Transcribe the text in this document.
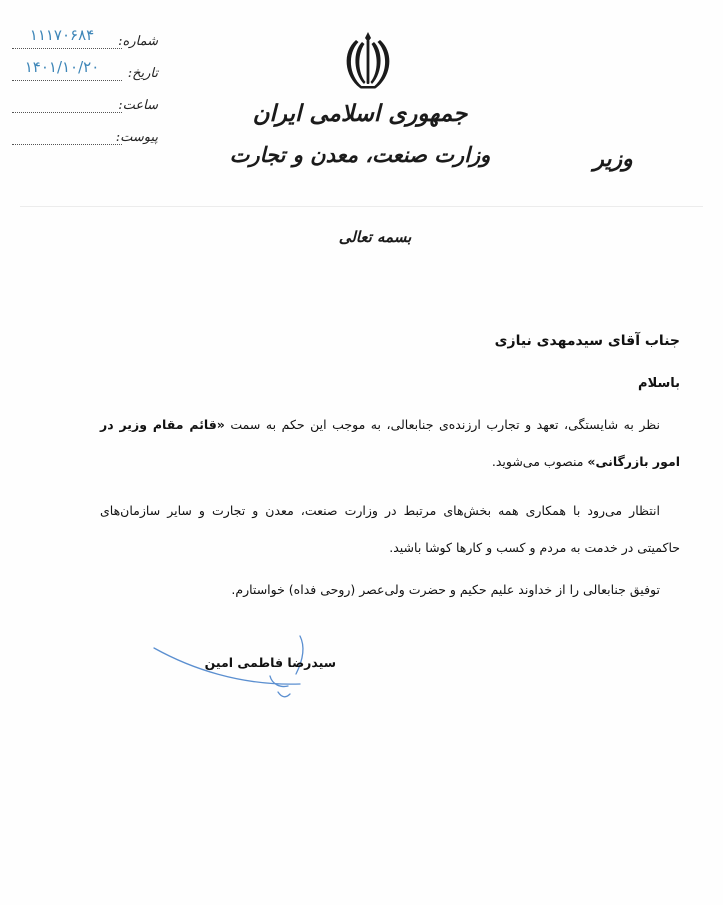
۱۱۱۷۰۶۸۴	شماره:
۱۴۰۱/۱۰/۲۰	تاریخ:
ساعت:
پیوست:
جمهوری اسلامی ایران
وزارت صنعت، معدن و تجارت	وزیر
بسمه تعالی
جناب آقای سیدمهدی نیازی
باسلام
نظر به شایستگی، تعهد و تجارب ارزنده‌ی جنابعالی، به موجب این حکم به سمت «قائم مقام وزیر در امور بازرگانی» منصوب می‌شوید.
انتظار می‌رود با همکاری همه بخش‌های مرتبط در وزارت صنعت، معدن و تجارت و سایر سازمان‌های حاکمیتی در خدمت به مردم و کسب و کارها کوشا باشید.
توفیق جنابعالی را از خداوند علیم حکیم و حضرت ولی‌عصر (روحی فداه) خواستارم.
سیدرضا فاطمی امین
